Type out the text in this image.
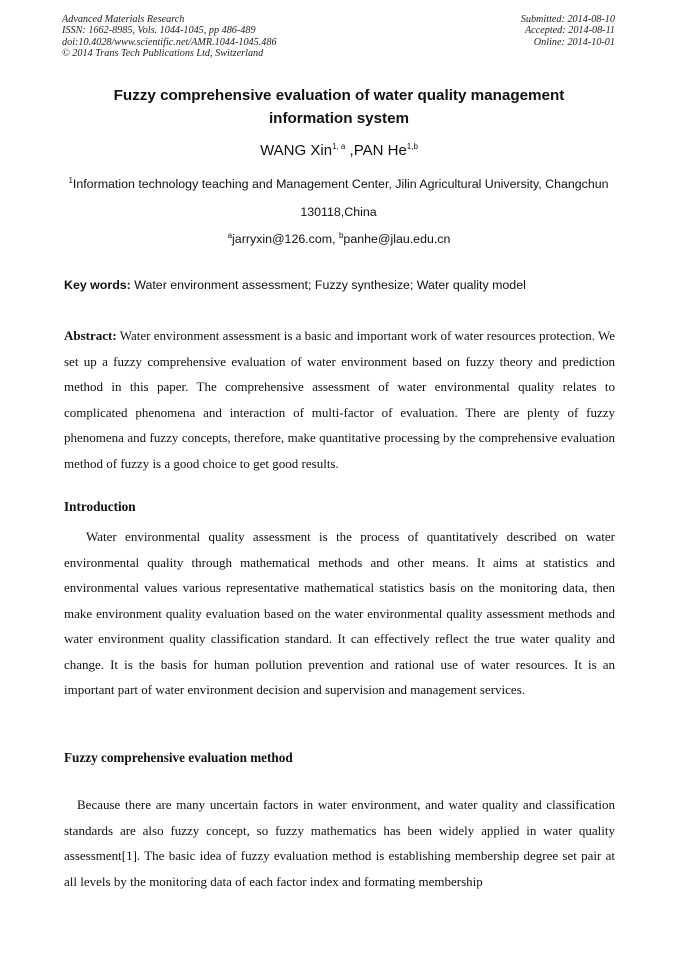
Advanced Materials Research
ISSN: 1662-8985, Vols. 1044-1045, pp 486-489
doi:10.4028/www.scientific.net/AMR.1044-1045.486
© 2014 Trans Tech Publications Ltd, Switzerland
Submitted: 2014-08-10
Accepted: 2014-08-11
Online: 2014-10-01
Fuzzy comprehensive evaluation of water quality management
information system
WANG Xin$^{1, a}$ ,PAN He$^{1,b}$
$^1$Information technology teaching and Management Center, Jilin Agricultural University, Changchun 130118,China
$^a$jarryxin@126.com, $^b$panhe@jlau.edu.cn
Key words: Water environment assessment; Fuzzy synthesize; Water quality model
Abstract: Water environment assessment is a basic and important work of water resources protection. We set up a fuzzy comprehensive evaluation of water environment based on fuzzy theory and prediction method in this paper. The comprehensive assessment of water environmental quality relates to complicated phenomena and interaction of multi-factor of evaluation. There are plenty of fuzzy phenomena and fuzzy concepts, therefore, make quantitative processing by the comprehensive evaluation method of fuzzy is a good choice to get good results.
Introduction
Water environmental quality assessment is the process of quantitatively described on water environmental quality through mathematical methods and other means. It aims at statistics and environmental values various representative mathematical statistics basis on the monitoring data, then make environment quality evaluation based on the water environmental quality assessment methods and water environment quality classification standard. It can effectively reflect the true water quality and change. It is the basis for human pollution prevention and rational use of water resources. It is an important part of water environment decision and supervision and management services.
Fuzzy comprehensive evaluation method
Because there are many uncertain factors in water environment, and water quality and classification standards are also fuzzy concept, so fuzzy mathematics has been widely applied in water quality assessment[1]. The basic idea of fuzzy evaluation method is establishing membership degree set pair at all levels by the monitoring data of each factor index and formating membership
